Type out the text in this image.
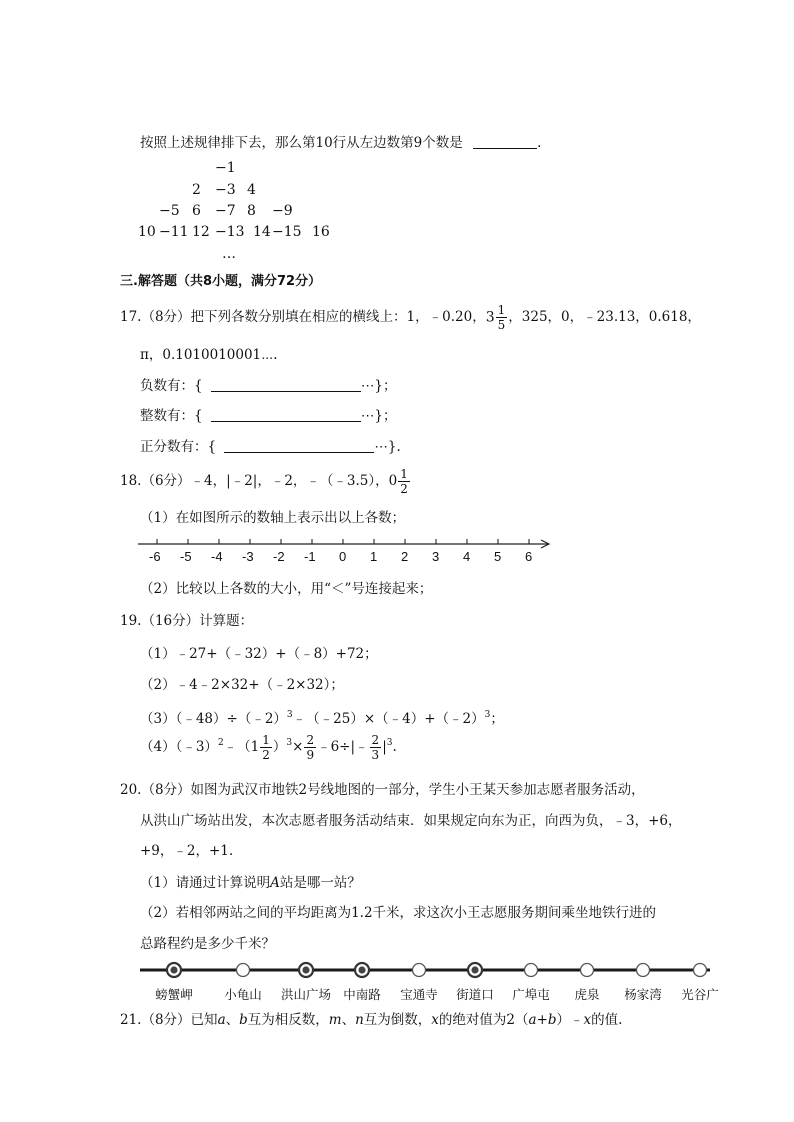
按照上述规律排下去，那么第10行从左边数第9个数是	.
−1
2 −3 4
−5 6 −7 8 −9
10 −11 12 −13 14 −15 16
…
三.解答题（共8小题，满分72分）
17.（8分）把下列各数分别填在相应的横线上：1，﹣0.20，$3 \frac{1}{5}$ ，325，0，﹣23.13，0.618，
π，0.1010010001⋯.
负数有：{	⋯}；
整数有：{	⋯}；
正分数有：{	⋯}.
18.（6分）﹣4，|﹣2|，﹣2，﹣（﹣3.5），$0 \frac{1}{2}$
（1）在如图所示的数轴上表示出以上各数；
-6 -5 -4 -3 -2 -1 0 1 2 3 4 5 6
（2）比较以上各数的大小，用“＜”号连接起来；
19.（16分）计算题：
（1）﹣27+（﹣32）+（﹣8）+72；
（2）﹣4﹣2×32+（﹣2×32）；
（3）（﹣48）÷（﹣2）$^3$﹣（﹣25）×（﹣4）+（﹣2）$^3$；
（4）（﹣3）$^2$﹣（1 $\frac{1}{2} )^3\times \frac{2}{9}$ ﹣6÷|﹣ $\frac{2}{3} |^3$.
20.（8分）如图为武汉市地铁2号线地图的一部分，学生小王某天参加志愿者服务活动，
从洪山广场站出发，本次志愿者服务活动结束．如果规定向东为正，向西为负，﹣3，+6，
+9，﹣2，+1.
（1）请通过计算说明A站是哪一站？
（2）若相邻两站之间的平均距离为1.2千米，求这次小王志愿服务期间乘坐地铁行进的
总路程约是多少千米？
螃蟹岬	小龟山 洪山广场 中南路 宝通寺 街道口 广埠屯 虎泉 杨家湾 光谷广
21.（8分）已知a、b互为相反数，m、n互为倒数，x的绝对值为2（a+b）﹣x的值.
